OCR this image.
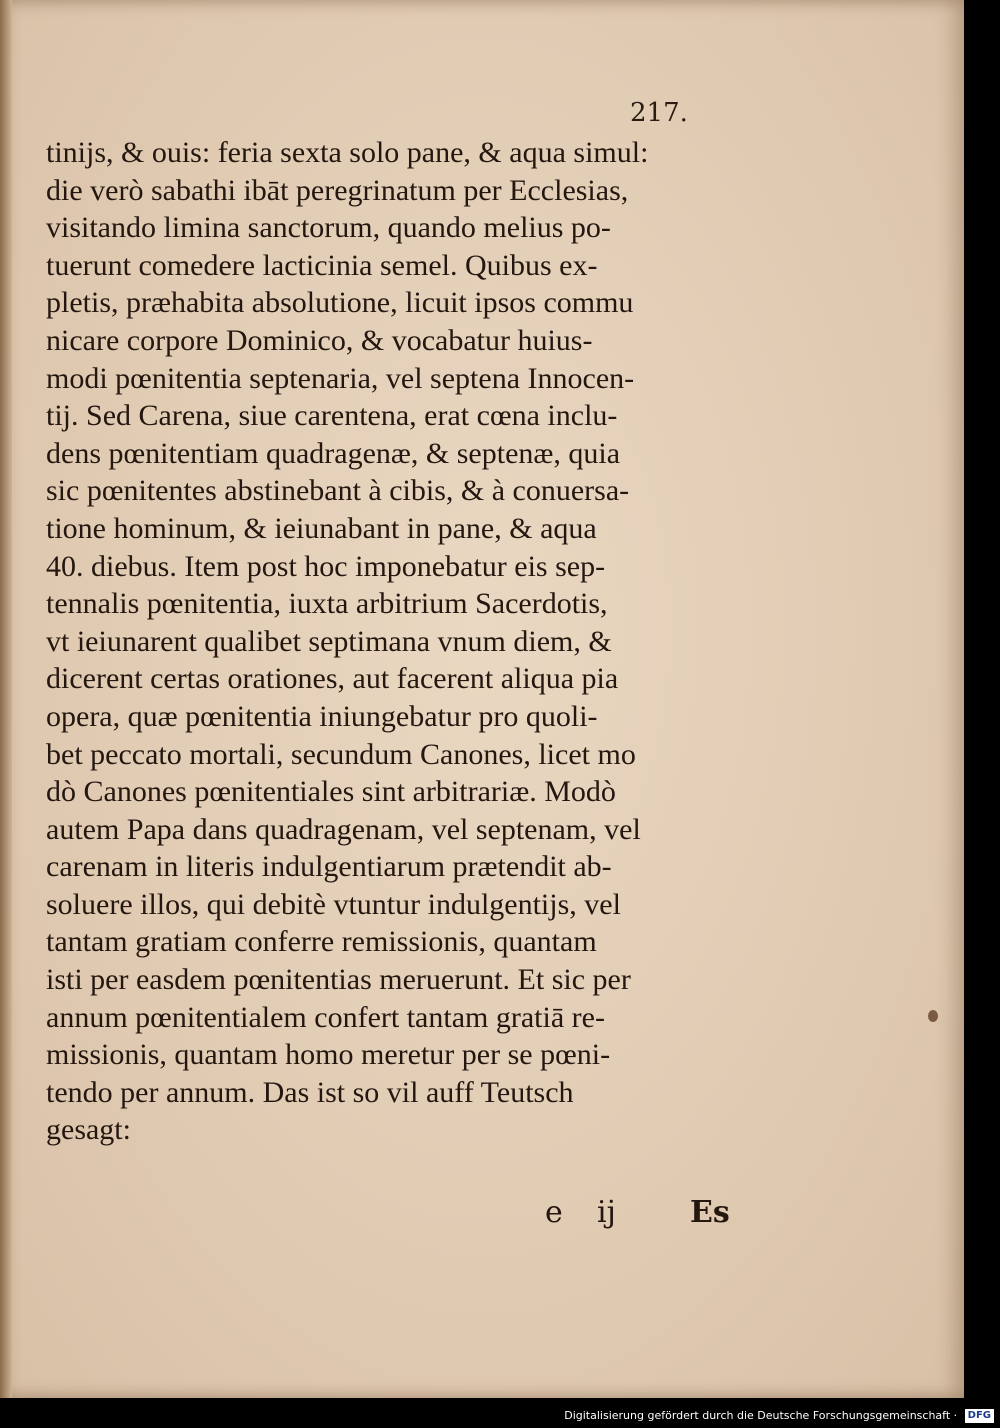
217.
tinijs, & ouis: feria sexta solo pane, & aqua simul:
die verò sabathi ibāt peregrinatum per Ecclesias,
visitando limina sanctorum, quando melius po-
tuerunt comedere lacticinia semel. Quibus ex-
pletis, præhabita absolutione, licuit ipsos commu
nicare corpore Dominico, & vocabatur huius-
modi pœnitentia septenaria, vel septena Innocen-
tij. Sed Carena, siue carentena, erat cœna inclu-
dens pœnitentiam quadragenæ, & septenæ, quia
sic pœnitentes abstinebant à cibis, & à conuersa-
tione hominum, & ieiunabant in pane, & aqua
40. diebus. Item post hoc imponebatur eis sep-
tennalis pœnitentia, iuxta arbitrium Sacerdotis,
vt ieiunarent qualibet septimana vnum diem, &
dicerent certas orationes, aut facerent aliqua pia
opera, quæ pœnitentia iniungebatur pro quoli-
bet peccato mortali, secundum Canones, licet mo
dò Canones pœnitentiales sint arbitrariæ. Modò
autem Papa dans quadragenam, vel septenam, vel
carenam in literis indulgentiarum prætendit ab-
soluere illos, qui debitè vtuntur indulgentijs, vel
tantam gratiam conferre remissionis, quantam
isti per easdem pœnitentias meruerunt. Et sic per
annum pœnitentialem confert tantam gratiā re-
missionis, quantam homo meretur per se pœni-
tendo per annum. Das ist so vil auff Teutsch
gesagt:
e ij Es
Digitalisierung gefördert durch die Deutsche Forschungsgemeinschaft · DFG
